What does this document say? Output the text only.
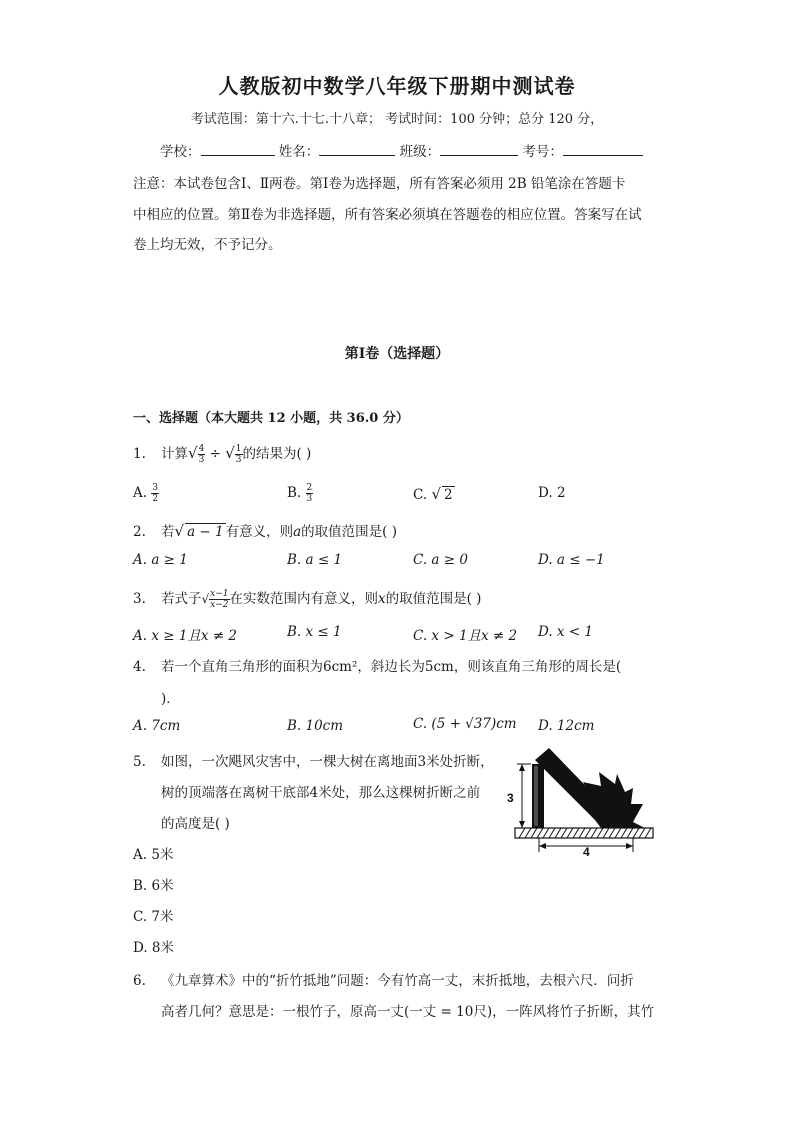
人教版初中数学八年级下册期中测试卷
考试范围：第十六.十七.十八章； 考试时间：100 分钟；总分 120 分，
学校：	姓名：	班级：	考号：
注意：本试卷包含Ⅰ、Ⅱ两卷。第Ⅰ卷为选择题，所有答案必须用 2B 铅笔涂在答题卡
中相应的位置。第Ⅱ卷为非选择题，所有答案必须填在答题卷的相应位置。答案写在试
卷上均无效，不予记分。
第Ⅰ卷（选择题）
一、选择题（本大题共 12 小题，共 36.0 分）
1. 计算√ $\frac{4}{3}$ ÷ √ $\frac{1}{3}$ 的结果为( )
A. $\frac{3}{2}$	B. $\frac{2}{3}$	C. √ 2	D. 2
2. 若√ a − 1 有意义，则a的取值范围是( )
A. a ≥ 1	B. a ≤ 1	C. a ≥ 0	D. a ≤ −1
3. 若式子√ $\frac{x-1}{x-2}$ 在实数范围内有意义，则x的取值范围是( )
A. x ≥ 1且x ≠ 2	B. x ≤ 1	C. x > 1且x ≠ 2 D. x < 1
4. 若一个直角三角形的面积为6cm²，斜边长为5cm，则该直角三角形的周长是(
)．
A. 7cm	B. 10cm	C. (5 + √37)cm D. 12cm
5. 如图，一次飓风灾害中，一棵大树在离地面3米处折断，
树的顶端落在离树干底部4米处，那么这棵树折断之前
的高度是( )
A. 5米
B. 6米
C. 7米
D. 8米
3
4
6. 《九章算术》中的“折竹抵地”问题：今有竹高一丈，末折抵地，去根六尺．问折
高者几何？意思是：一根竹子，原高一丈(一丈 = 10尺)，一阵风将竹子折断，其竹
